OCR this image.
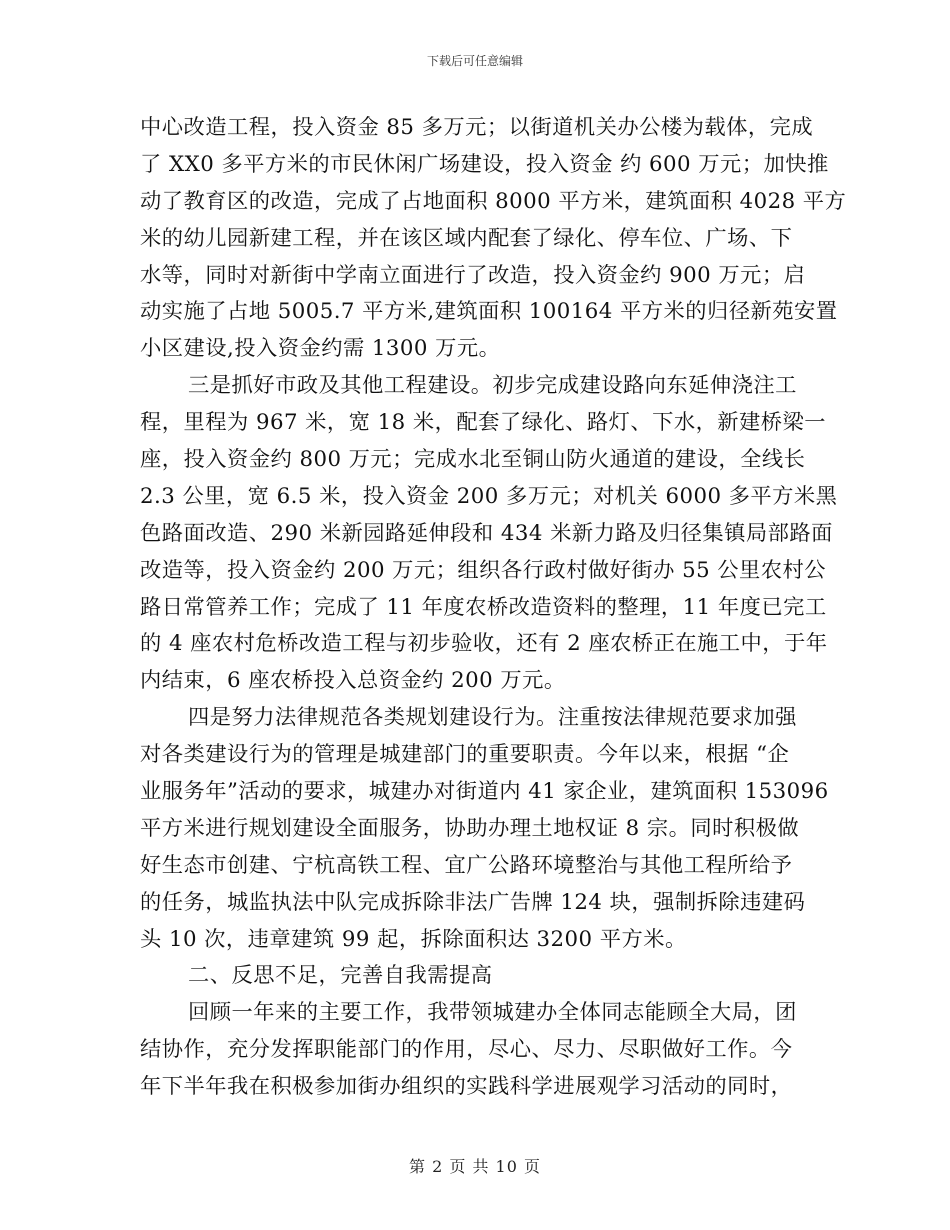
下载后可任意编辑
中心改造工程，投入资金 85 多万元；以街道机关办公楼为载体，完成
了 XX0 多平方米的市民休闲广场建设，投入资金 约 600 万元；加快推
动了教育区的改造，完成了占地面积 8000 平方米，建筑面积 4028 平方
米的幼儿园新建工程，并在该区域内配套了绿化、停车位、广场、下
水等，同时对新街中学南立面进行了改造，投入资金约 900 万元；启
动实施了占地 5005.7 平方米,建筑面积 100164 平方米的归径新苑安置
小区建设,投入资金约需 1300 万元。
三是抓好市政及其他工程建设。初步完成建设路向东延伸浇注工
程，里程为 967 米，宽 18 米，配套了绿化、路灯、下水，新建桥梁一
座，投入资金约 800 万元；完成水北至铜山防火通道的建设，全线长
2.3 公里，宽 6.5 米，投入资金 200 多万元；对机关 6000 多平方米黑
色路面改造、290 米新园路延伸段和 434 米新力路及归径集镇局部路面
改造等，投入资金约 200 万元；组织各行政村做好街办 55 公里农村公
路日常管养工作；完成了 11 年度农桥改造资料的整理，11 年度已完工
的 4 座农村危桥改造工程与初步验收，还有 2 座农桥正在施工中，于年
内结束，6 座农桥投入总资金约 200 万元。
四是努力法律规范各类规划建设行为。注重按法律规范要求加强
对各类建设行为的管理是城建部门的重要职责。今年以来，根据 “企
业服务年”活动的要求，城建办对街道内 41 家企业，建筑面积 153096
平方米进行规划建设全面服务，协助办理土地权证 8 宗。同时积极做
好生态市创建、宁杭高铁工程、宜广公路环境整治与其他工程所给予
的任务，城监执法中队完成拆除非法广告牌 124 块，强制拆除违建码
头 10 次，违章建筑 99 起，拆除面积达 3200 平方米。
二、反思不足，完善自我需提高
回顾一年来的主要工作，我带领城建办全体同志能顾全大局，团
结协作，充分发挥职能部门的作用，尽心、尽力、尽职做好工作。今
年下半年我在积极参加街办组织的实践科学进展观学习活动的同时，
第 2 页 共 10 页
